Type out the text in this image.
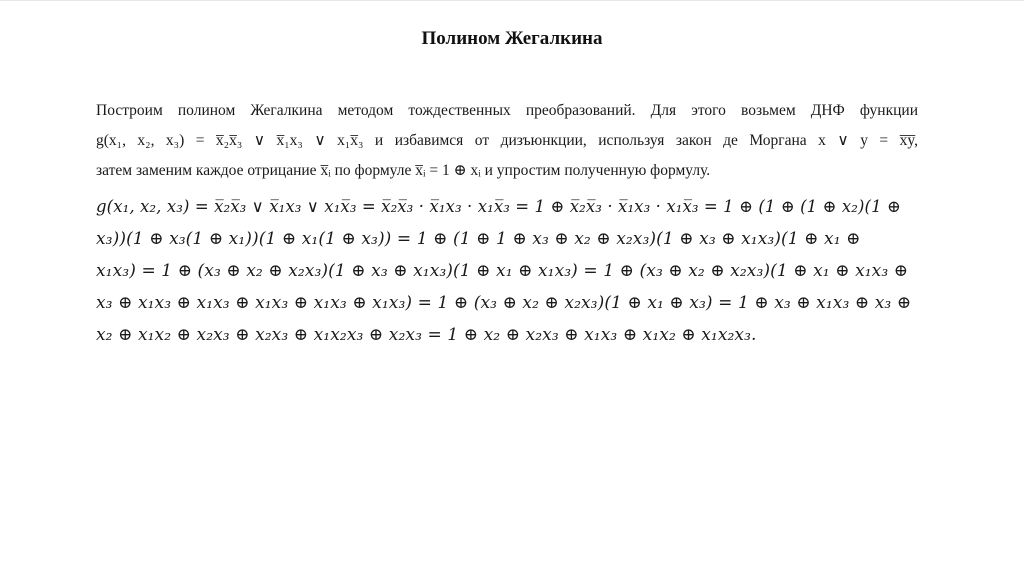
Полином Жегалкина

Построим полином Жегалкина методом тождественных преобразований. Для этого возьмем ДНФ функции

g(x₁, x₂, x₃) = x̅₂x̅₃ ∨ x̅₁x₃ ∨ x₁x̅₃ и избавимся от дизъюнкции, используя закон де Моргана x ∨ y = x̅y̅,

затем заменим каждое отрицание x̅ᵢ по формуле x̅ᵢ = 1 ⊕ xᵢ и упростим полученную формулу.

g(x₁, x₂, x₃) = x̅₂x̅₃ ∨ x̅₁x₃ ∨ x₁x̅₃ = x̅₂x̅₃ · x̅₁x₃ · x₁x̅₃ = 1 ⊕ x̅₂x̅₃ · x̅₁x₃ · x₁x̅₃ = 1 ⊕ (1 ⊕ (1 ⊕ x₂)(1 ⊕
x₃))(1 ⊕ x₃(1 ⊕ x₁))(1 ⊕ x₁(1 ⊕ x₃)) = 1 ⊕ (1 ⊕ 1 ⊕ x₃ ⊕ x₂ ⊕ x₂x₃)(1 ⊕ x₃ ⊕ x₁x₃)(1 ⊕ x₁ ⊕
x₁x₃) = 1 ⊕ (x₃ ⊕ x₂ ⊕ x₂x₃)(1 ⊕ x₃ ⊕ x₁x₃)(1 ⊕ x₁ ⊕ x₁x₃) = 1 ⊕ (x₃ ⊕ x₂ ⊕ x₂x₃)(1 ⊕ x₁ ⊕ x₁x₃ ⊕
x₃ ⊕ x₁x₃ ⊕ x₁x₃ ⊕ x₁x₃ ⊕ x₁x₃ ⊕ x₁x₃) = 1 ⊕ (x₃ ⊕ x₂ ⊕ x₂x₃)(1 ⊕ x₁ ⊕ x₃) = 1 ⊕ x₃ ⊕ x₁x₃ ⊕ x₃ ⊕
x₂ ⊕ x₁x₂ ⊕ x₂x₃ ⊕ x₂x₃ ⊕ x₁x₂x₃ ⊕ x₂x₃ = 1 ⊕ x₂ ⊕ x₂x₃ ⊕ x₁x₃ ⊕ x₁x₂ ⊕ x₁x₂x₃.
